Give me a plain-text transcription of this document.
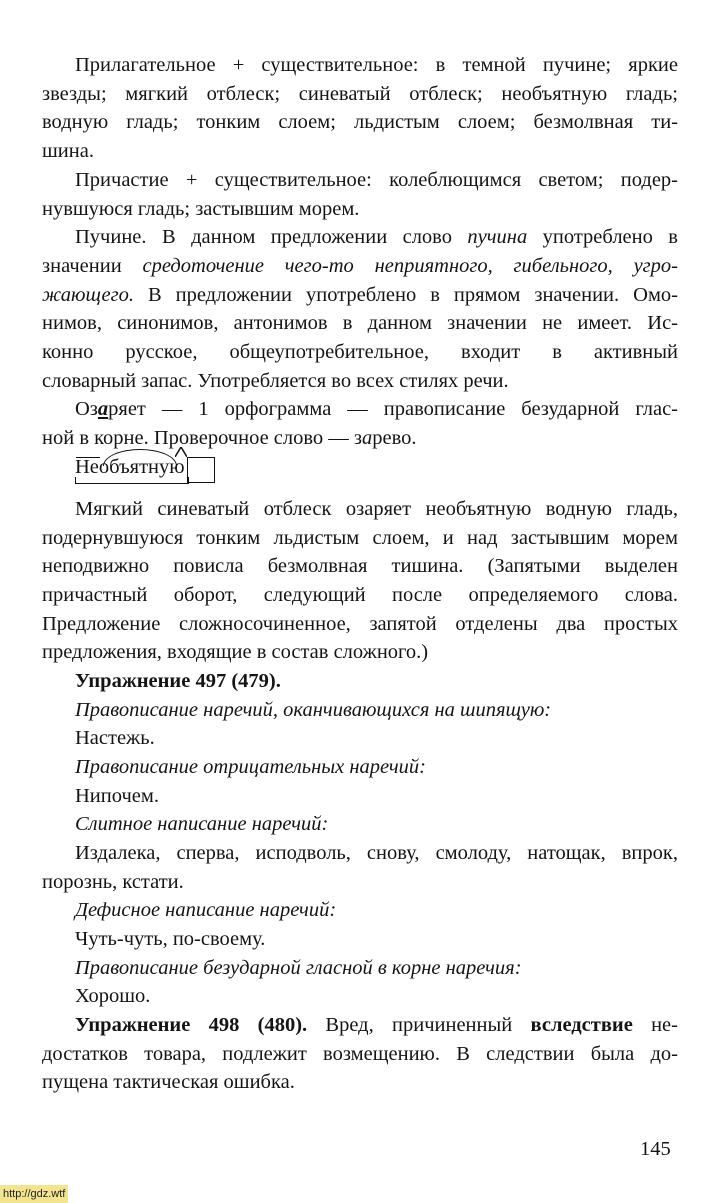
Прилагательное + существительное: в темной пучине; яркие
звезды; мягкий отблеск; синеватый отблеск; необъятную гладь;
водную гладь; тонким слоем; льдистым слоем; безмолвная ти-
шина.
Причастие + существительное: колеблющимся светом; подер-
нувшуюся гладь; застывшим морем.
Пучине. В данном предложении слово пучина употреблено в
значении средоточение чего-то неприятного, гибельного, угро-
жающего. В предложении употреблено в прямом значении. Омо-
нимов, синонимов, антонимов в данном значении не имеет. Ис-
конно русское, общеупотребительное, входит в активный
словарный запас. Употребляется во всех стилях речи.
Озаряет — 1 орфограмма — правописание безударной глас-
ной в корне. Проверочное слово — зарево.
Мягкий синеватый отблеск озаряет необъятную водную гладь,
подернувшуюся тонким льдистым слоем, и над застывшим морем
неподвижно повисла безмолвная тишина. (Запятыми выделен
причастный оборот, следующий после определяемого слова.
Предложение сложносочиненное, запятой отделены два простых
предложения, входящие в состав сложного.)
Упражнение 497 (479).
Правописание наречий, оканчивающихся на шипящую:
Настежь.
Правописание отрицательных наречий:
Нипочем.
Слитное написание наречий:
Издалека, сперва, исподволь, снову, смолоду, натощак, впрок,
порознь, кстати.
Дефисное написание наречий:
Чуть-чуть, по-своему.
Правописание безударной гласной в корне наречия:
Хорошо.
Упражнение 498 (480). Вред, причиненный вследствие не-
достатков товара, подлежит возмещению. В следствии была до-
пущена тактическая ошибка.
Необъятную
145
http://gdz.wtf
